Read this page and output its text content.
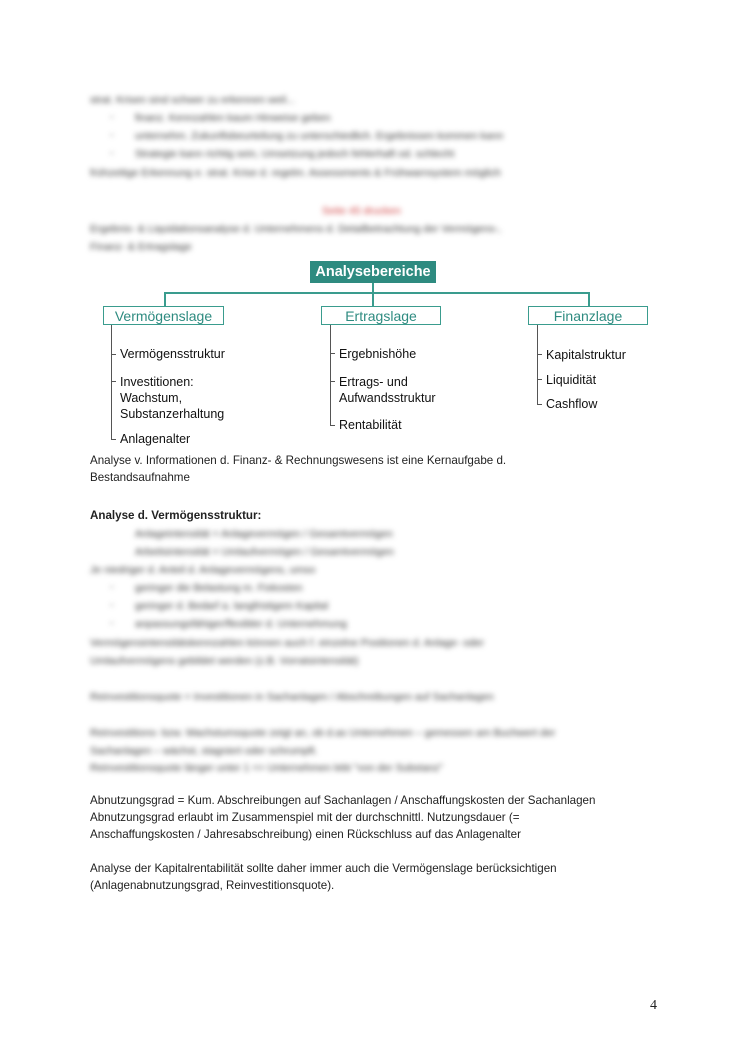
strat. Krisen sind schwer zu erkennen weil...
- finanz. Kennzahlen kaum Hinweise geben
- unternehm. Zukunftsbeurteilung zu unterschiedlich. Ergebnissen kommen kann
- Strategie kann richtig sein, Umsetzung jedoch fehlerhaft od. schlecht
frühzeitige Erkennung e. strat. Krise d. regelm. Assessments & Frühwarnsystem möglich
Seite 45 drucken
Ergebnis- & Liquidationsanalyse d. Unternehmens d. Detailbetrachtung der Vermögens-,
Finanz- & Ertragslage
Analysebereiche
Vermögenslage	Ertragslage	Finanzlage
Vermögensstruktur
Investitionen:
Wachstum,
Substanzerhaltung
Anlagenalter
Ergebnishöhe
Ertrags- und
Aufwandsstruktur
Rentabilität
Kapitalstruktur
Liquidität
Cashflow
Analyse v. Informationen d. Finanz- & Rechnungswesens ist eine Kernaufgabe d.
Bestandsaufnahme
Analyse d. Vermögensstruktur:
Anlageintensität = Anlagevermögen / Gesamtvermögen
Arbeitsintensität = Umlaufvermögen / Gesamtvermögen
Je niedriger d. Anteil d. Anlagevermögens, umso
- geringer die Belastung m. Fixkosten
- geringer d. Bedarf a. langfristigem Kapital
- anpassungsfähiger/flexibler d. Unternehmung
Vermögensintensitätskennzahlen können auch f. einzelne Positionen d. Anlage- oder
Umlaufvermögens gebildet werden (z.B. Vorratsintensität)
Reinvestitionsquote = Investitionen in Sachanlagen / Abschreibungen auf Sachanlagen
Reinvestitions- bzw. Wachstumsquote zeigt an, ob d.as Unternehmen – gemessen am Buchwert der
Sachanlagen – wächst, stagniert oder schrumpft.
Reinvestitionsquote länger unter 1 => Unternehmen lebt "von der Substanz"
Abnutzungsgrad = Kum. Abschreibungen auf Sachanlagen / Anschaffungskosten der Sachanlagen
Abnutzungsgrad erlaubt im Zusammenspiel mit der durchschnittl. Nutzungsdauer (=
Anschaffungskosten / Jahresabschreibung) einen Rückschluss auf das Anlagenalter
Analyse der Kapitalrentabilität sollte daher immer auch die Vermögenslage berücksichtigen
(Anlagenabnutzungsgrad, Reinvestitionsquote).
4
